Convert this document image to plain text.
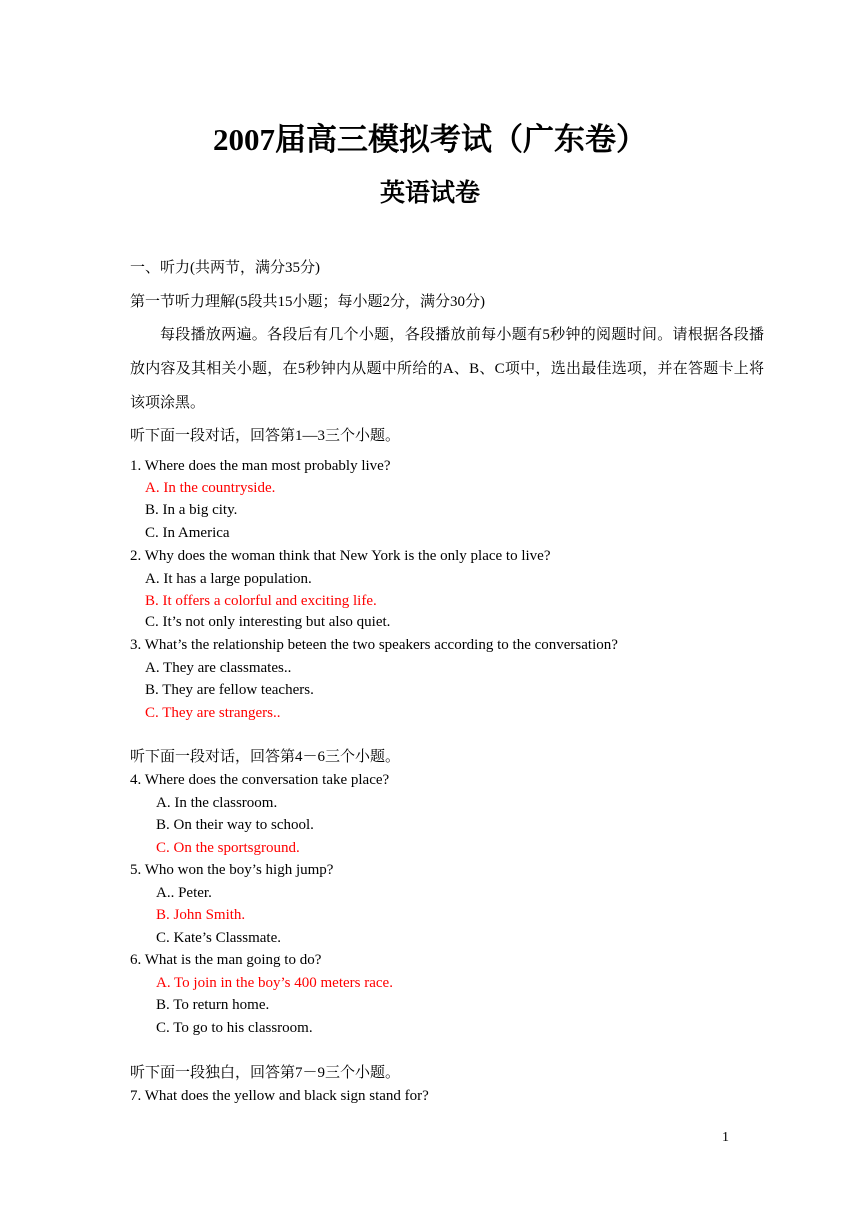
2007届高三模拟考试（广东卷）
英语试卷
一、听力(共两节，满分35分)
第一节听力理解(5段共15小题；每小题2分，满分30分)
每段播放两遍。各段后有几个小题，各段播放前每小题有5秒钟的阅题时间。请根据各段播放内容及其相关小题，在5秒钟内从题中所给的A、B、C项中，选出最佳选项，并在答题卡上将该项涂黑。
听下面一段对话，回答第1—3三个小题。
1. Where does the man most probably live?
A. In the countryside.
B. In a big city.
C. In America
2. Why does the woman think that New York is the only place to live?
A. It has a large population.
B. It offers a colorful and exciting life.
C. It’s not only interesting but also quiet.
3. What’s the relationship beteen the two speakers according to the conversation?
A. They are classmates..
B. They are fellow teachers.
C. They are strangers..
听下面一段对话，回答第4－6三个小题。
4. Where does the conversation take place?
A. In the classroom.
B. On their way to school.
C. On the sportsground.
5. Who won the boy’s high jump?
A.. Peter.
B. John Smith.
C. Kate’s Classmate.
6. What is the man going to do?
A. To join in the boy’s 400 meters race.
B. To return home.
C. To go to his classroom.
听下面一段独白，回答第7－9三个小题。
7. What does the yellow and black sign stand for?
1
